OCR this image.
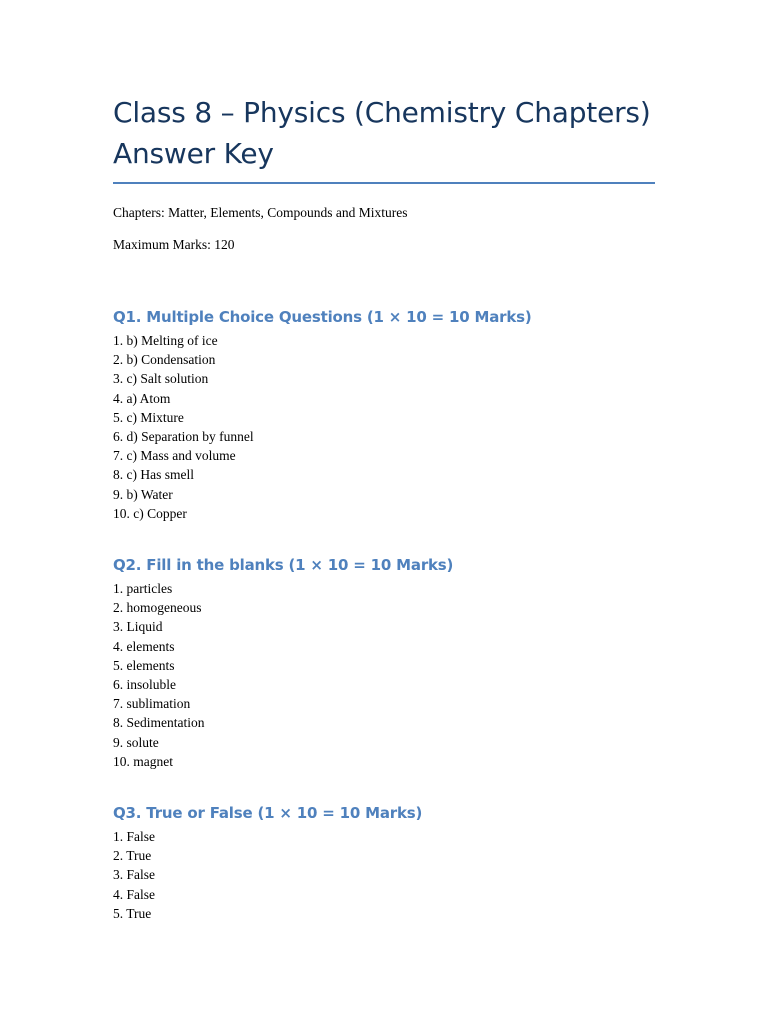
Class 8 – Physics (Chemistry Chapters)
Answer Key

Chapters: Matter, Elements, Compounds and Mixtures

Maximum Marks: 120

Q1. Multiple Choice Questions (1 × 10 = 10 Marks)
1. b) Melting of ice
2. b) Condensation
3. c) Salt solution
4. a) Atom
5. c) Mixture
6. d) Separation by funnel
7. c) Mass and volume
8. c) Has smell
9. b) Water
10. c) Copper
Q2. Fill in the blanks (1 × 10 = 10 Marks)
1. particles
2. homogeneous
3. Liquid
4. elements
5. elements
6. insoluble
7. sublimation
8. Sedimentation
9. solute
10. magnet
Q3. True or False (1 × 10 = 10 Marks)
1. False
2. True
3. False
4. False
5. True
